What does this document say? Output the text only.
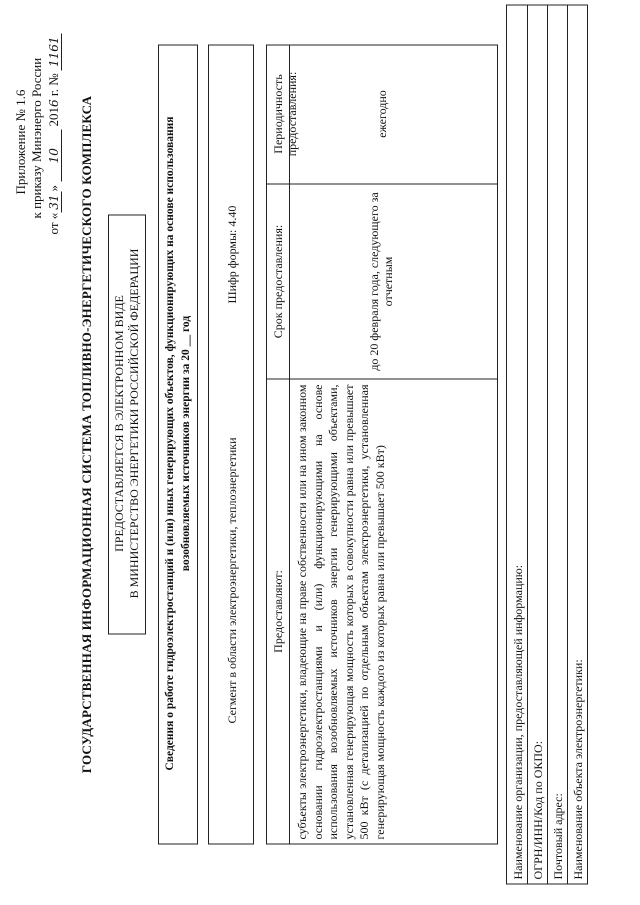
Приложение № 1.6 к приказу Минэнерго России
от «31» 10 2016 г. № 1161
ГОСУДАРСТВЕННАЯ ИНФОРМАЦИОННАЯ СИСТЕМА ТОПЛИВНО-ЭНЕРГЕТИЧЕСКОГО КОМПЛЕКСА ПРЕДОСТАВЛЯЕТСЯ В ЭЛЕКТРОННОМ ВИДЕ В МИНИСТЕРСТВО ЭНЕРГЕТИКИ РОССИЙСКОЙ ФЕДЕРАЦИИ Сведения о работе гидроэлектростанций и (или) иных генерирующих объектов, функционирующих на основе использования возобновляемых источников энергии за 20 __ год	Сегмент в области электроэнергетики, теплоэнергетики
Шифр формы: 4.40
Предоставляют:
Срок предоставления:
Периодичность предоставления:
субъекты электроэнергетики, владеющие на праве собственности или на ином законном основании гидроэлектростанциями и (или) функционирующими на основе использования возобновляемых источников энергии генерирующими объектами, установленная генерирующая мощность которых в совокупности равна или превышает 500 кВт (с детализацией по отдельным объектам электроэнергетики, установленная генерирующая мощность каждого из которых равна или превышает 500 кВт)
до 20 февраля года, следующего за отчетным
ежегодно
Наименование организации, предоставляющей информацию: ОГРН/ИНН/Код по ОКПО: Почтовый адрес: Наименование объекта электроэнергетики:
